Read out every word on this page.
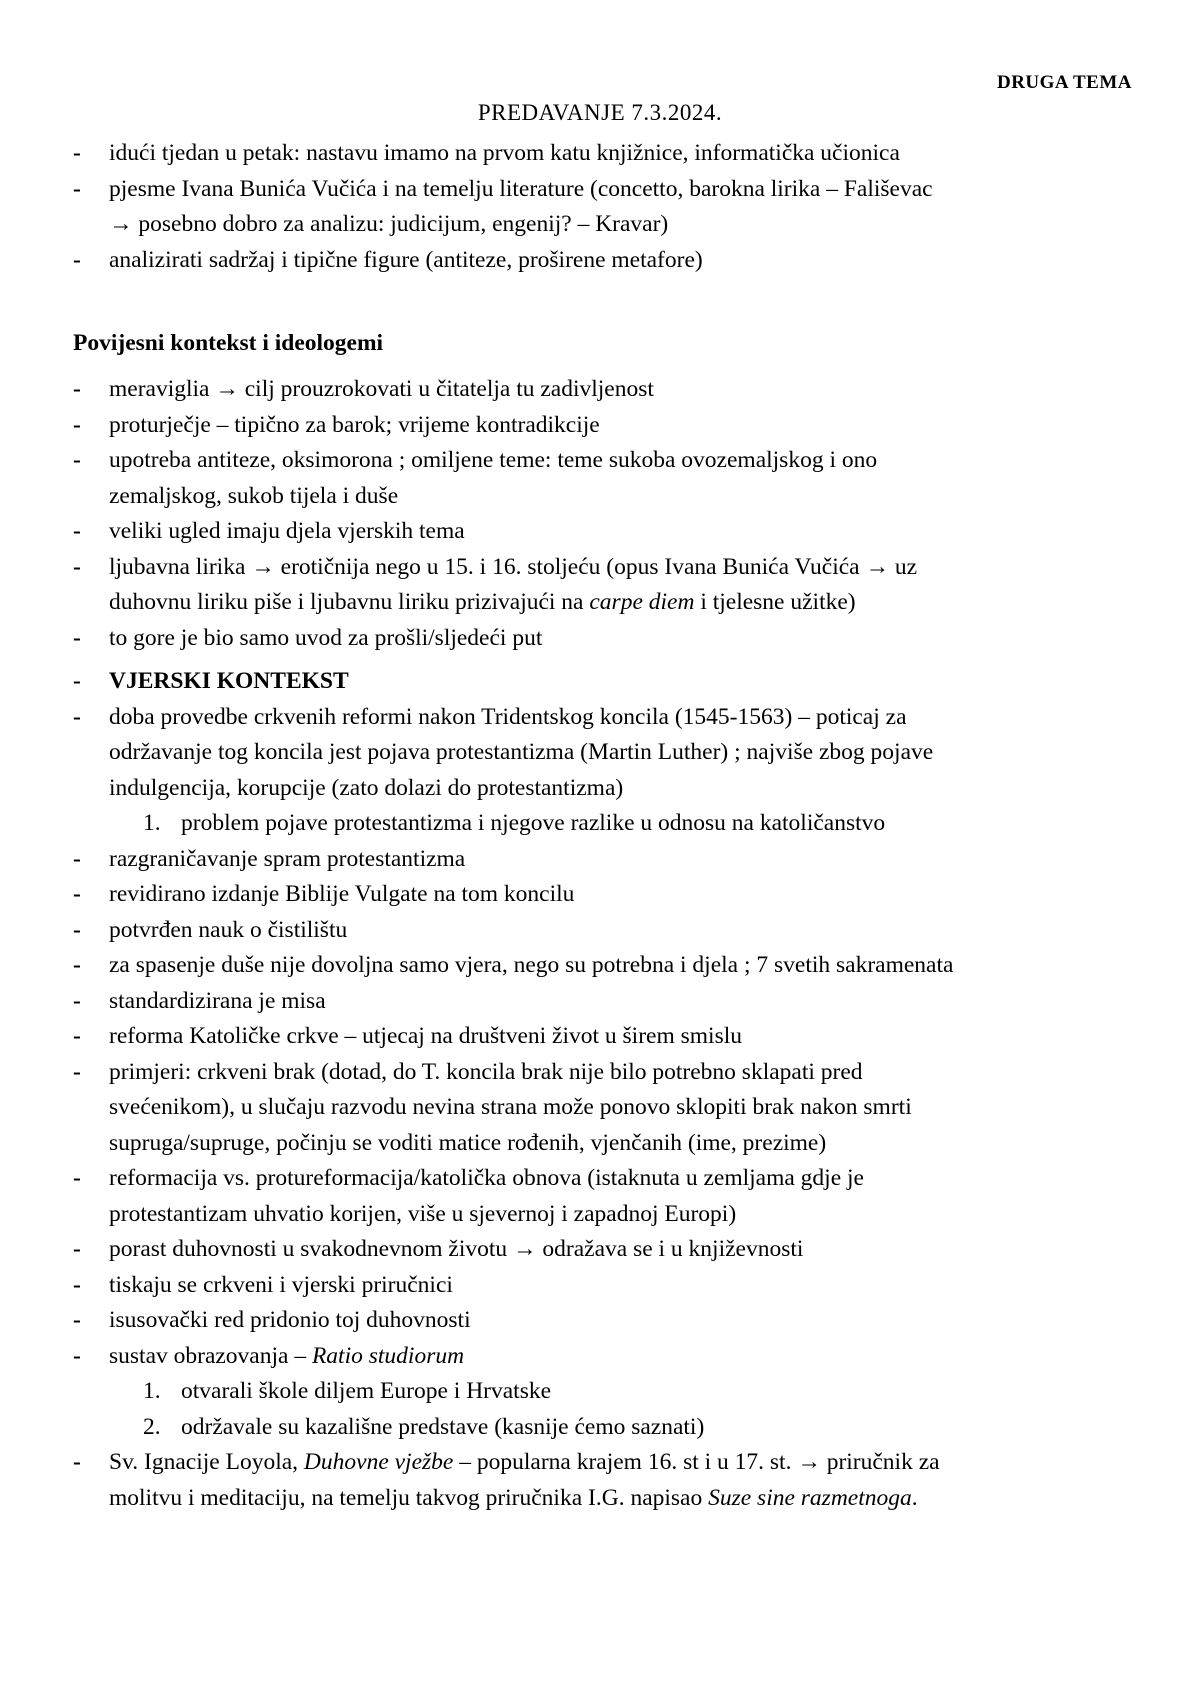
DRUGA TEMA
PREDAVANJE 7.3.2024.
-	idući tjedan u petak: nastavu imamo na prvom katu knjižnice, informatička učionica
-	pjesme Ivana Bunića Vučića i na temelju literature (concetto, barokna lirika – Fališevac
→ posebno dobro za analizu: judicijum, engenij? – Kravar)
-	analizirati sadržaj i tipične figure (antiteze, proširene metafore)
Povijesni kontekst i ideologemi
-	meraviglia → cilj prouzrokovati u čitatelja tu zadivljenost
-	proturječje – tipično za barok; vrijeme kontradikcije
-	upotreba antiteze, oksimorona ; omiljene teme: teme sukoba ovozemaljskog i ono
zemaljskog, sukob tijela i duše
-	veliki ugled imaju djela vjerskih tema
-	ljubavna lirika → erotičnija nego u 15. i 16. stoljeću (opus Ivana Bunića Vučića → uz
duhovnu liriku piše i ljubavnu liriku prizivajući na carpe diem i tjelesne užitke)
-	to gore je bio samo uvod za prošli/sljedeći put
-	VJERSKI KONTEKST
-	doba provedbe crkvenih reformi nakon Tridentskog koncila (1545-1563) – poticaj za
održavanje tog koncila jest pojava protestantizma (Martin Luther) ; najviše zbog pojave
indulgencija, korupcije (zato dolazi do protestantizma)
1. problem pojave protestantizma i njegove razlike u odnosu na katoličanstvo
-	razgraničavanje spram protestantizma
-	revidirano izdanje Biblije Vulgate na tom koncilu
-	potvrđen nauk o čistilištu
-	za spasenje duše nije dovoljna samo vjera, nego su potrebna i djela ; 7 svetih sakramenata
-	standardizirana je misa
-	reforma Katoličke crkve – utjecaj na društveni život u širem smislu
-	primjeri: crkveni brak (dotad, do T. koncila brak nije bilo potrebno sklapati pred
svećenikom), u slučaju razvodu nevina strana može ponovo sklopiti brak nakon smrti
supruga/supruge, počinju se voditi matice rođenih, vjenčanih (ime, prezime)
-	reformacija vs. protureformacija/katolička obnova (istaknuta u zemljama gdje je
protestantizam uhvatio korijen, više u sjevernoj i zapadnoj Europi)
-	porast duhovnosti u svakodnevnom životu → odražava se i u književnosti
-	tiskaju se crkveni i vjerski priručnici
-	isusovački red pridonio toj duhovnosti
-	sustav obrazovanja – Ratio studiorum
1. otvarali škole diljem Europe i Hrvatske
2. održavale su kazališne predstave (kasnije ćemo saznati)
-	Sv. Ignacije Loyola, Duhovne vježbe – popularna krajem 16. st i u 17. st. → priručnik za
molitvu i meditaciju, na temelju takvog priručnika I.G. napisao Suze sine razmetnoga.
